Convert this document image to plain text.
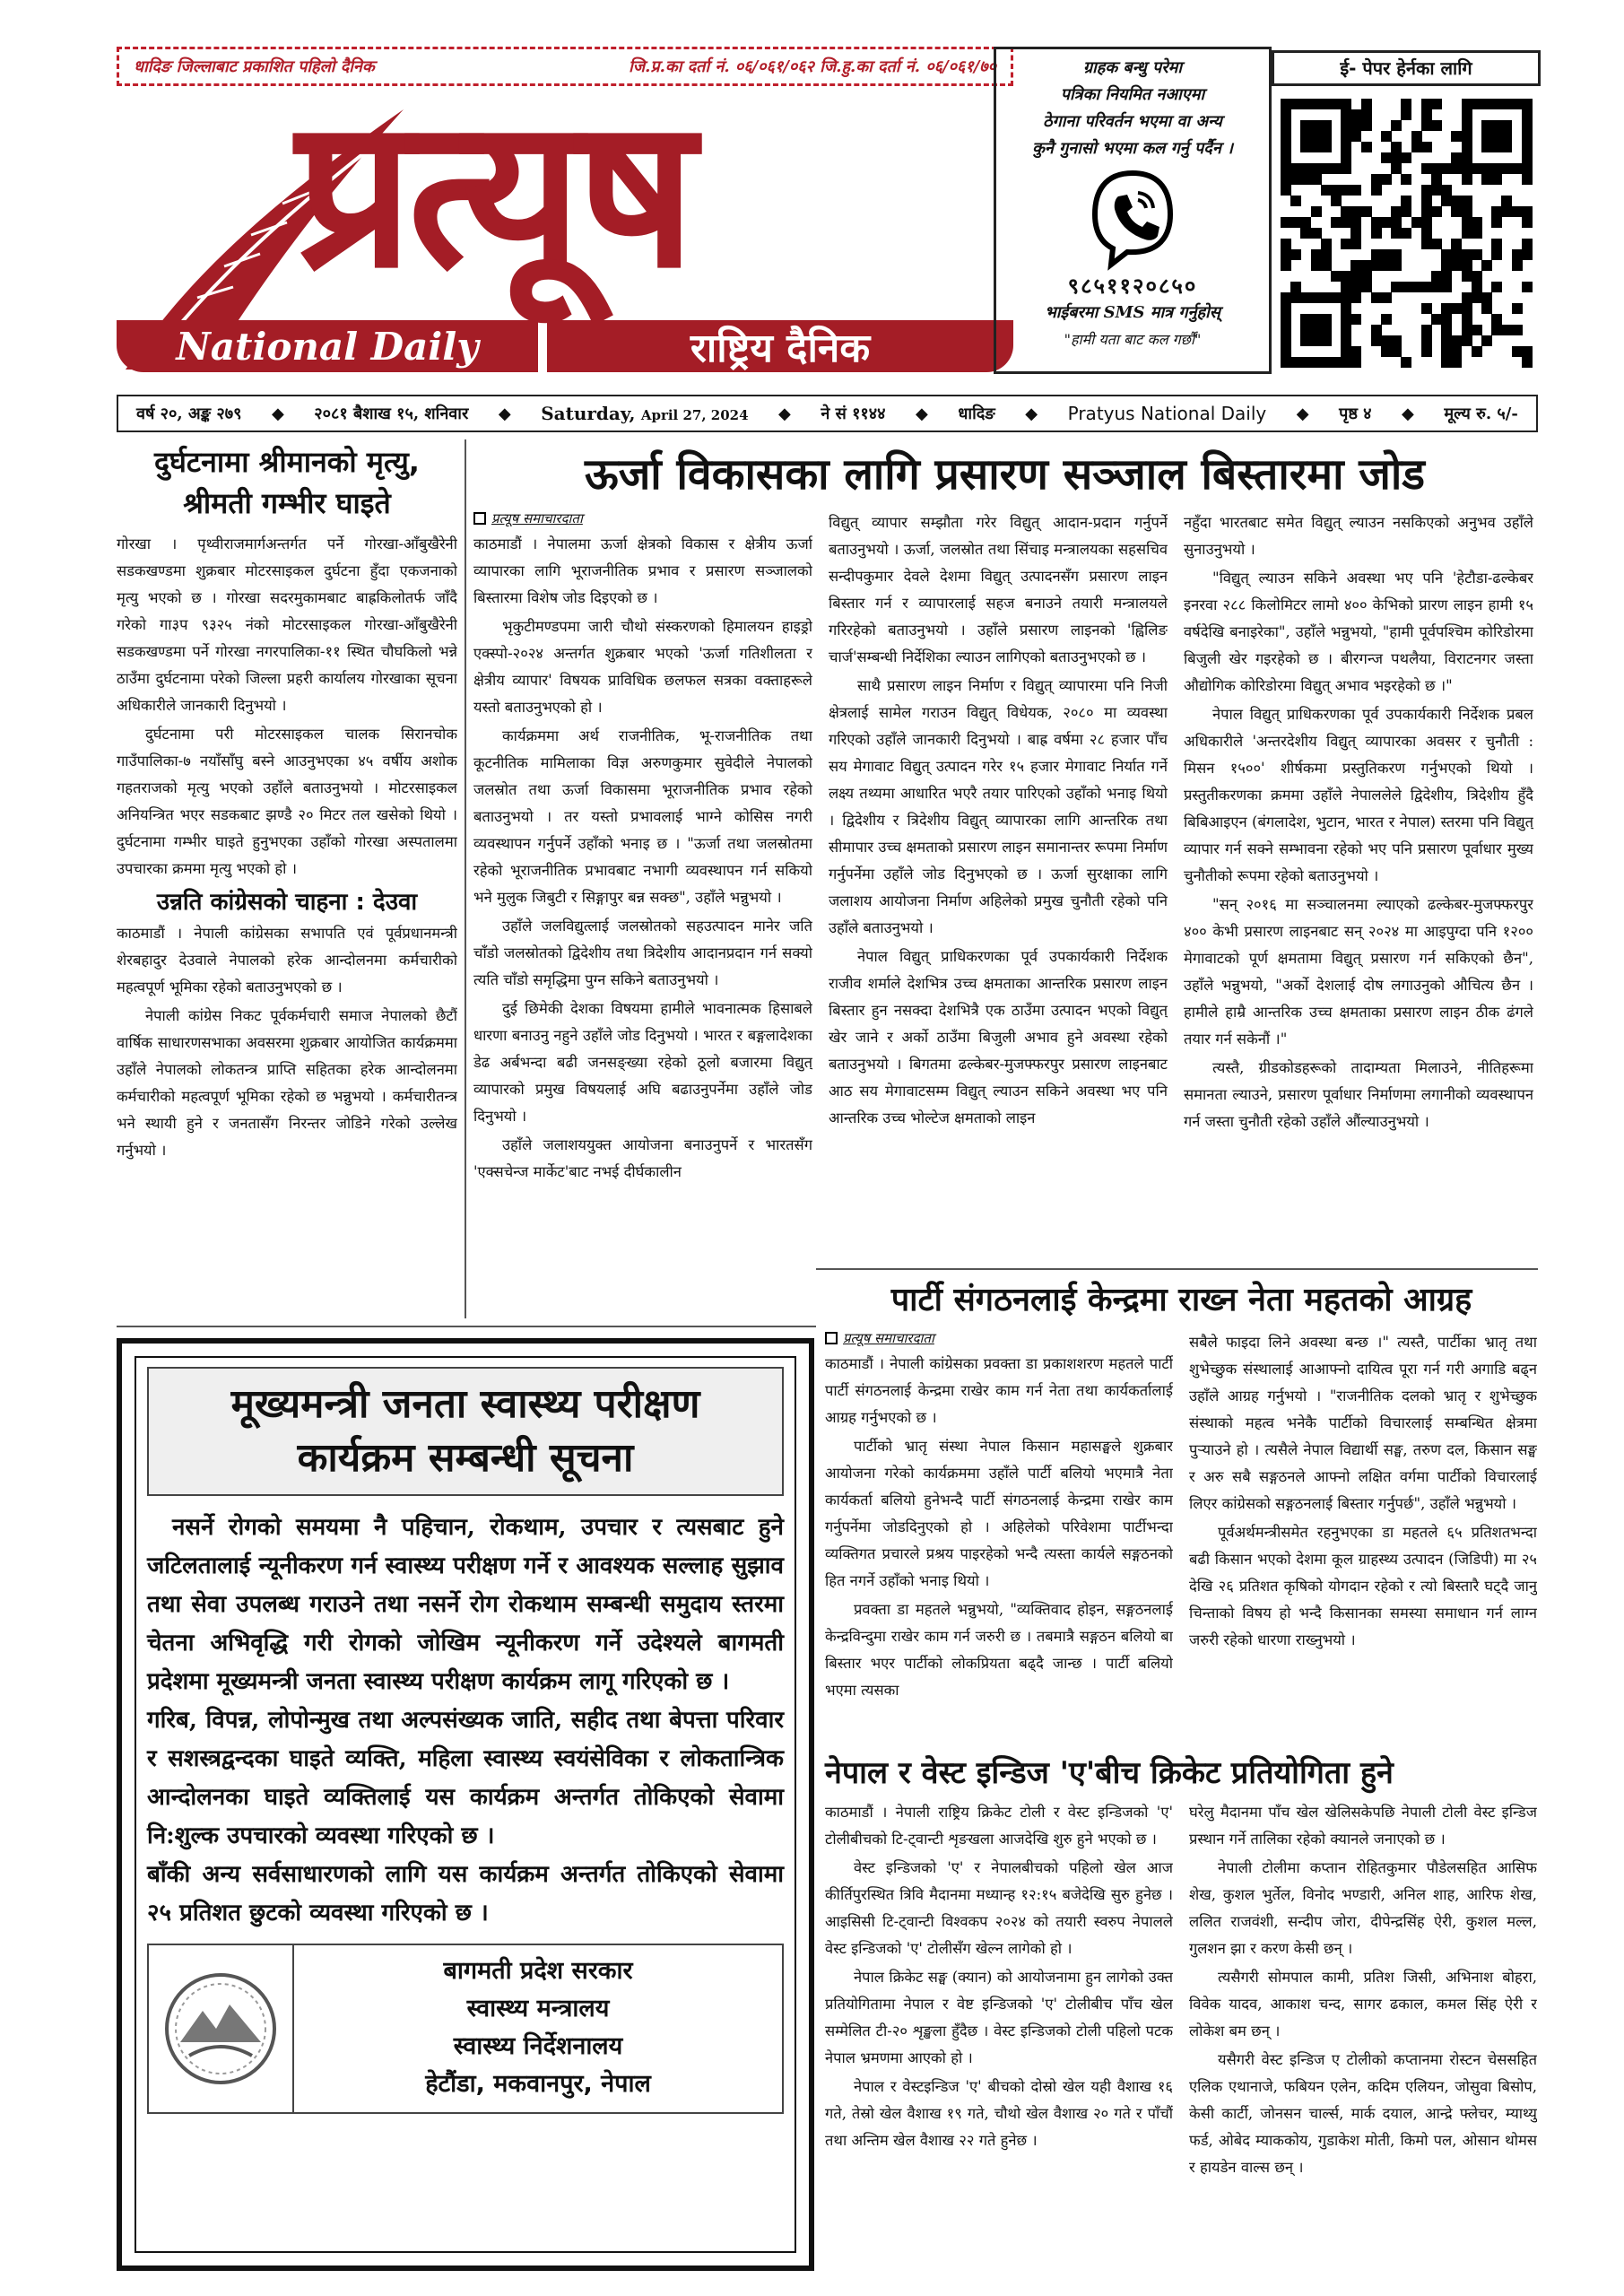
धादिङ जिल्लाबाट प्रकाशित पहिलो दैनिक	जि.प्र.का दर्ता नं. ०६/०६१/०६२ जि.हु.का दर्ता नं. ०६/०६१/७०
प्रत्यूष
National Daily	राष्ट्रिय दैनिक
ग्राहक बन्धु परेमा
पत्रिका नियमित नआएमा
ठेगाना परिवर्तन भएमा वा अन्य
कुनै गुनासो भएमा कल गर्नु पर्दैन ।
९८५११२०८५०
भाईबरमा SMS मात्र गर्नुहोस्
"हामी यता बाट कल गर्छौं"
ई- पेपर हेर्नका लागि
वर्ष २०, अङ्क २७९ ◆ २०८१ बैशाख १५, शनिवार ◆ Saturday, April 27, 2024 ◆ ने सं ११४४ ◆ धादिङ ◆ Pratyus National Daily ◆ पृष्ठ ४ ◆ मूल्य रु. ५/-
दुर्घटनामा श्रीमानको मृत्यु, श्रीमती गम्भीर घाइते

गोरखा । पृथ्वीराजमार्गअन्तर्गत पर्ने गोरखा-आँबुखैरेनी सडकखण्डमा शुक्रबार मोटरसाइकल दुर्घटना हुँदा एकजनाको मृत्यु भएको छ । गोरखा सदरमुकामबाट बाह्रकिलोतर्फ जाँदै गरेको गा३प ९३२५ नंको मोटरसाइकल गोरखा-आँबुखैरेनी सडकखण्डमा पर्ने गोरखा नगरपालिका-११ स्थित चौघकिलो भन्ने ठाउँमा दुर्घटनामा परेको जिल्ला प्रहरी कार्यालय गोरखाका सूचना अधिकारीले जानकारी दिनुभयो ।

दुर्घटनामा परी मोटरसाइकल चालक सिरानचोक गाउँपालिका-७ नयाँसाँघु बस्ने आउनुभएका ४५ वर्षीय अशोक गहतराजको मृत्यु भएको उहाँले बताउनुभयो । मोटरसाइकल अनियन्त्रित भएर सडकबाट झण्डै २० मिटर तल खसेको थियो । दुर्घटनामा गम्भीर घाइते हुनुभएका उहाँको गोरखा अस्पतालमा उपचारका क्रममा मृत्यु भएको हो ।

उन्नति कांग्रेसको चाहना : देउवा

काठमाडौं । नेपाली कांग्रेसका सभापति एवं पूर्वप्रधानमन्त्री शेरबहादुर देउवाले नेपालको हरेक आन्दोलनमा कर्मचारीको महत्वपूर्ण भूमिका रहेको बताउनुभएको छ ।

नेपाली कांग्रेस निकट पूर्वकर्मचारी समाज नेपालको छैटौं वार्षिक साधारणसभाका अवसरमा शुक्रबार आयोजित कार्यक्रममा उहाँले नेपालको लोकतन्त्र प्राप्ति सहितका हरेक आन्दोलनमा कर्मचारीको महत्वपूर्ण भूमिका रहेको छ भन्नुभयो । कर्मचारीतन्त्र भने स्थायी हुने र जनतासँग निरन्तर जोडिने गरेको उल्लेख गर्नुभयो ।

ऊर्जा विकासका लागि प्रसारण सञ्जाल बिस्तारमा जोड
प्रत्यूष समाचारदाता

काठमाडौं । नेपालमा ऊर्जा क्षेत्रको विकास र क्षेत्रीय ऊर्जा व्यापारका लागि भूराजनीतिक प्रभाव र प्रसारण सञ्जालको बिस्तारमा विशेष जोड दिइएको छ ।

भृकुटीमण्डपमा जारी चौथो संस्करणको हिमालयन हाइड्रो एक्स्पो-२०२४ अन्तर्गत शुक्रबार भएको 'ऊर्जा गतिशीलता र क्षेत्रीय व्यापार' विषयक प्राविधिक छलफल सत्रका वक्ताहरूले यस्तो बताउनुभएको हो ।

कार्यक्रममा अर्थ राजनीतिक, भू-राजनीतिक तथा कूटनीतिक मामिलाका विज्ञ अरुणकुमार सुवेदीले नेपालको जलस्रोत तथा ऊर्जा विकासमा भूराजनीतिक प्रभाव रहेको बताउनुभयो । तर यस्तो प्रभावलाई भाग्ने कोसिस नगरी व्यवस्थापन गर्नुपर्ने उहाँको भनाइ छ । "ऊर्जा तथा जलस्रोतमा रहेको भूराजनीतिक प्रभावबाट नभागी व्यवस्थापन गर्न सकियो भने मुलुक जिबुटी र सिङ्गापुर बन्न सक्छ", उहाँले भन्नुभयो ।

उहाँले जलविद्युत्लाई जलस्रोतको सहउत्पादन मानेर जति चाँडो जलस्रोतको द्विदेशीय तथा त्रिदेशीय आदानप्रदान गर्न सक्यो त्यति चाँडो समृद्धिमा पुग्न सकिने बताउनुभयो ।

दुई छिमेकी देशका विषयमा हामीले भावनात्मक हिसाबले धारणा बनाउनु नहुने उहाँले जोड दिनुभयो । भारत र बङ्गलादेशका डेढ अर्बभन्दा बढी जनसङ्ख्या रहेको ठूलो बजारमा विद्युत् व्यापारको प्रमुख विषयलाई अघि बढाउनुपर्नेमा उहाँले जोड दिनुभयो ।

उहाँले जलाशययुक्त आयोजना बनाउनुपर्ने र भारतसँग 'एक्सचेन्ज मार्केट'बाट नभई दीर्घकालीन

विद्युत् व्यापार सम्झौता गरेर विद्युत् आदान-प्रदान गर्नुपर्ने बताउनुभयो । ऊर्जा, जलस्रोत तथा सिंचाइ मन्त्रालयका सहसचिव सन्दीपकुमार देवले देशमा विद्युत् उत्पादनसँग प्रसारण लाइन बिस्तार गर्न र व्यापारलाई सहज बनाउने तयारी मन्त्रालयले गरिरहेको बताउनुभयो । उहाँले प्रसारण लाइनको 'ह्विलिङ चार्ज'सम्बन्धी निर्देशिका ल्याउन लागिएको बताउनुभएको छ ।

साथै प्रसारण लाइन निर्माण र विद्युत् व्यापारमा पनि निजी क्षेत्रलाई सामेल गराउन विद्युत् विधेयक, २०८० मा व्यवस्था गरिएको उहाँले जानकारी दिनुभयो । बाह्र वर्षमा २८ हजार पाँच सय मेगावाट विद्युत् उत्पादन गरेर १५ हजार मेगावाट निर्यात गर्ने लक्ष्य तथ्यमा आधारित भएरै तयार पारिएको उहाँको भनाइ थियो । द्विदेशीय र त्रिदेशीय विद्युत् व्यापारका लागि आन्तरिक तथा सीमापार उच्च क्षमताको प्रसारण लाइन समानान्तर रूपमा निर्माण गर्नुपर्नेमा उहाँले जोड दिनुभएको छ । ऊर्जा सुरक्षाका लागि जलाशय आयोजना निर्माण अहिलेको प्रमुख चुनौती रहेको पनि उहाँले बताउनुभयो ।

नेपाल विद्युत् प्राधिकरणका पूर्व उपकार्यकारी निर्देशक राजीव शर्माले देशभित्र उच्च क्षमताका आन्तरिक प्रसारण लाइन बिस्तार हुन नसक्दा देशभित्रै एक ठाउँमा उत्पादन भएको विद्युत् खेर जाने र अर्को ठाउँमा बिजुली अभाव हुने अवस्था रहेको बताउनुभयो । बिगतमा ढल्केबर-मुजफ्फरपुर प्रसारण लाइनबाट आठ सय मेगावाटसम्म विद्युत् ल्याउन सकिने अवस्था भए पनि आन्तरिक उच्च भोल्टेज क्षमताको लाइन

नहुँदा भारतबाट समेत विद्युत् ल्याउन नसकिएको अनुभव उहाँले सुनाउनुभयो ।

"विद्युत् ल्याउन सकिने अवस्था भए पनि 'हेटौडा-ढल्केबर इनरवा २८८ किलोमिटर लामो ४०० केभिको प्रारण लाइन हामी १५ वर्षदेखि बनाइरेका", उहाँले भन्नुभयो, "हामी पूर्वपश्चिम कोरिडोरमा बिजुली खेर गइरहेको छ । बीरगन्ज पथलैया, विराटनगर जस्ता औद्योगिक कोरिडोरमा विद्युत् अभाव भइरहेको छ ।"

नेपाल विद्युत् प्राधिकरणका पूर्व उपकार्यकारी निर्देशक प्रबल अधिकारीले 'अन्तरदेशीय विद्युत् व्यापारका अवसर र चुनौती : मिसन १५००' शीर्षकमा प्रस्तुतिकरण गर्नुभएको थियो । प्रस्तुतीकरणका क्रममा उहाँले नेपाललेले द्विदेशीय, त्रिदेशीय हुँदै बिबिआइएन (बंगलादेश, भुटान, भारत र नेपाल) स्तरमा पनि विद्युत् व्यापार गर्न सक्ने सम्भावना रहेको भए पनि प्रसारण पूर्वाधार मुख्य चुनौतीको रूपमा रहेको बताउनुभयो ।

"सन् २०१६ मा सञ्चालनमा ल्याएको ढल्केबर-मुजफ्फरपुर ४०० केभी प्रसारण लाइनबाट सन् २०२४ मा आइपुग्दा पनि १२०० मेगावाटको पूर्ण क्षमतामा विद्युत् प्रसारण गर्न सकिएको छैन", उहाँले भन्नुभयो, "अर्को देशलाई दोष लगाउनुको औचित्य छैन । हामीले हाम्रै आन्तरिक उच्च क्षमताका प्रसारण लाइन ठीक ढंगले तयार गर्न सकेनौं ।"

त्यस्तै, ग्रीडकोडहरूको तादाम्यता मिलाउने, नीतिहरूमा समानता ल्याउने, प्रसारण पूर्वाधार निर्माणमा लगानीको व्यवस्थापन गर्न जस्ता चुनौती रहेको उहाँले औंल्याउनुभयो ।

मूख्यमन्त्री जनता स्वास्थ्य परीक्षण कार्यक्रम सम्बन्धी सूचना

नसर्ने रोगको समयमा नै पहिचान, रोकथाम, उपचार र त्यसबाट हुने जटिलतालाई न्यूनीकरण गर्न स्वास्थ्य परीक्षण गर्ने र आवश्यक सल्लाह सुझाव तथा सेवा उपलब्ध गराउने तथा नसर्ने रोग रोकथाम सम्बन्धी समुदाय स्तरमा चेतना अभिवृद्धि गरी रोगको जोखिम न्यूनीकरण गर्ने उदेश्यले बागमती प्रदेशमा मूख्यमन्त्री जनता स्वास्थ्य परीक्षण कार्यक्रम लागू गरिएको छ ।

गरिब, विपन्न, लोपोन्मुख तथा अल्पसंख्यक जाति, सहीद तथा बेपत्ता परिवार र सशस्त्रद्वन्दका घाइते व्यक्ति, महिला स्वास्थ्य स्वयंसेविका र लोकतान्त्रिक आन्दोलनका घाइते व्यक्तिलाई यस कार्यक्रम अन्तर्गत तोकिएको सेवामा नि:शुल्क उपचारको व्यवस्था गरिएको छ ।

बाँकी अन्य सर्वसाधारणको लागि यस कार्यक्रम अन्तर्गत तोकिएको सेवामा २५ प्रतिशत छुटको व्यवस्था गरिएको छ ।

बागमती प्रदेश सरकार
स्वास्थ्य मन्त्रालय
स्वास्थ्य निर्देशनालय
हेटौंडा, मकवानपुर, नेपाल
पार्टी संगठनलाई केन्द्रमा राख्न नेता महतको आग्रह
प्रत्यूष समाचारदाता

काठमाडौं । नेपाली कांग्रेसका प्रवक्ता डा प्रकाशशरण महतले पार्टी पार्टी संगठनलाई केन्द्रमा राखेर काम गर्न नेता तथा कार्यकर्तालाई आग्रह गर्नुभएको छ ।

पार्टीको भ्रातृ संस्था नेपाल किसान महासङ्घले शुक्रबार आयोजना गरेको कार्यक्रममा उहाँले पार्टी बलियो भएमात्रै नेता कार्यकर्ता बलियो हुनेभन्दै पार्टी संगठनलाई केन्द्रमा राखेर काम गर्नुपर्नेमा जोडदिनुएको हो । अहिलेको परिवेशमा पार्टीभन्दा व्यक्तिगत प्रचारले प्रश्रय पाइरहेको भन्दै त्यस्ता कार्यले सङ्गठनको हित नगर्ने उहाँको भनाइ थियो ।

प्रवक्ता डा महतले भन्नुभयो, "व्यक्तिवाद होइन, सङ्गठनलाई केन्द्रविन्दुमा राखेर काम गर्न जरुरी छ । तबमात्रै सङ्गठन बलियो बा बिस्तार भएर पार्टीको लोकप्रियता बढ्दै जान्छ । पार्टी बलियो भएमा त्यसका

सबैले फाइदा लिने अवस्था बन्छ ।" त्यस्तै, पार्टीका भ्रातृ तथा शुभेच्छुक संस्थालाई आआफ्नो दायित्व पूरा गर्न गरी अगाडि बढ्न उहाँले आग्रह गर्नुभयो । "राजनीतिक दलको भ्रातृ र शुभेच्छुक संस्थाको महत्व भनेकै पार्टीको विचारलाई सम्बन्धित क्षेत्रमा पुऱ्याउने हो । त्यसैले नेपाल विद्यार्थी सङ्घ, तरुण दल, किसान सङ्घ र अरु सबै सङ्गठनले आफ्नो लक्षित वर्गमा पार्टीको विचारलाई लिएर कांग्रेसको सङ्गठनलाई बिस्तार गर्नुपर्छ", उहाँले भन्नुभयो ।

पूर्वअर्थमन्त्रीसमेत रहनुभएका डा महतले ६५ प्रतिशतभन्दा बढी किसान भएको देशमा कूल ग्राहस्थ्य उत्पादन (जिडिपी) मा २५ देखि २६ प्रतिशत कृषिको योगदान रहेको र त्यो बिस्तारै घट्दै जानु चिन्ताको विषय हो भन्दै किसानका समस्या समाधान गर्न लाग्न जरुरी रहेको धारणा राख्नुभयो ।

नेपाल र वेस्ट इन्डिज 'ए'बीच क्रिकेट प्रतियोगिता हुने

काठमाडौं । नेपाली राष्ट्रिय क्रिकेट टोली र वेस्ट इन्डिजको 'ए' टोलीबीचको टि-ट्वान्टी शृङखला आजदेखि शुरु हुने भएको छ ।

वेस्ट इन्डिजको 'ए' र नेपालबीचको पहिलो खेल आज कीर्तिपुरस्थित त्रिवि मैदानमा मध्यान्ह १२:१५ बजेदेखि सुरु हुनेछ । आइसिसी टि-ट्वान्टी विश्वकप २०२४ को तयारी स्वरुप नेपालले वेस्ट इन्डिजको 'ए' टोलीसँग खेल्न लागेको हो ।

नेपाल क्रिकेट सङ्घ (क्यान) को आयोजनामा हुन लागेको उक्त प्रतियोगितामा नेपाल र वेष्ट इन्डिजको 'ए' टोलीबीच पाँच खेल सम्मेलित टी-२० शृङ्खला हुँदैछ । वेस्ट इन्डिजको टोली पहिलो पटक नेपाल भ्रमणमा आएको हो ।

नेपाल र वेस्टइन्डिज 'ए' बीचको दोस्रो खेल यही वैशाख १६ गते, तेस्रो खेल वैशाख १९ गते, चौथो खेल वैशाख २० गते र पाँचौं तथा अन्तिम खेल वैशाख २२ गते हुनेछ ।

घरेलु मैदानमा पाँच खेल खेलिसकेपछि नेपाली टोली वेस्ट इन्डिज प्रस्थान गर्ने तालिका रहेको क्यानले जनाएको छ ।

नेपाली टोलीमा कप्तान रोहितकुमार पौडेलसहित आसिफ शेख, कुशल भुर्तेल, विनोद भण्डारी, अनिल शाह, आरिफ शेख, ललित राजवंशी, सन्दीप जोरा, दीपेन्द्रसिंह ऐरी, कुशल मल्ल, गुलशन झा र करण केसी छन् ।

त्यसैगरी सोमपाल कामी, प्रतिश जिसी, अभिनाश बोहरा, विवेक यादव, आकाश चन्द, सागर ढकाल, कमल सिंह ऐरी र लोकेश बम छन् ।

यसैगरी वेस्ट इन्डिज ए टोलीको कप्तानमा रोस्टन चेससहित एलिक एथानाजे, फबियन एलेन, कदिम एलियन, जोसुवा बिसोप, केसी कार्टी, जोनसन चार्ल्स, मार्क दयाल, आन्द्रे फ्लेचर, म्याथ्यु फर्ड, ओबेद म्याककोय, गुडाकेश मोती, किमो पल, ओसान थोमस र हायडेन वाल्स छन् ।
